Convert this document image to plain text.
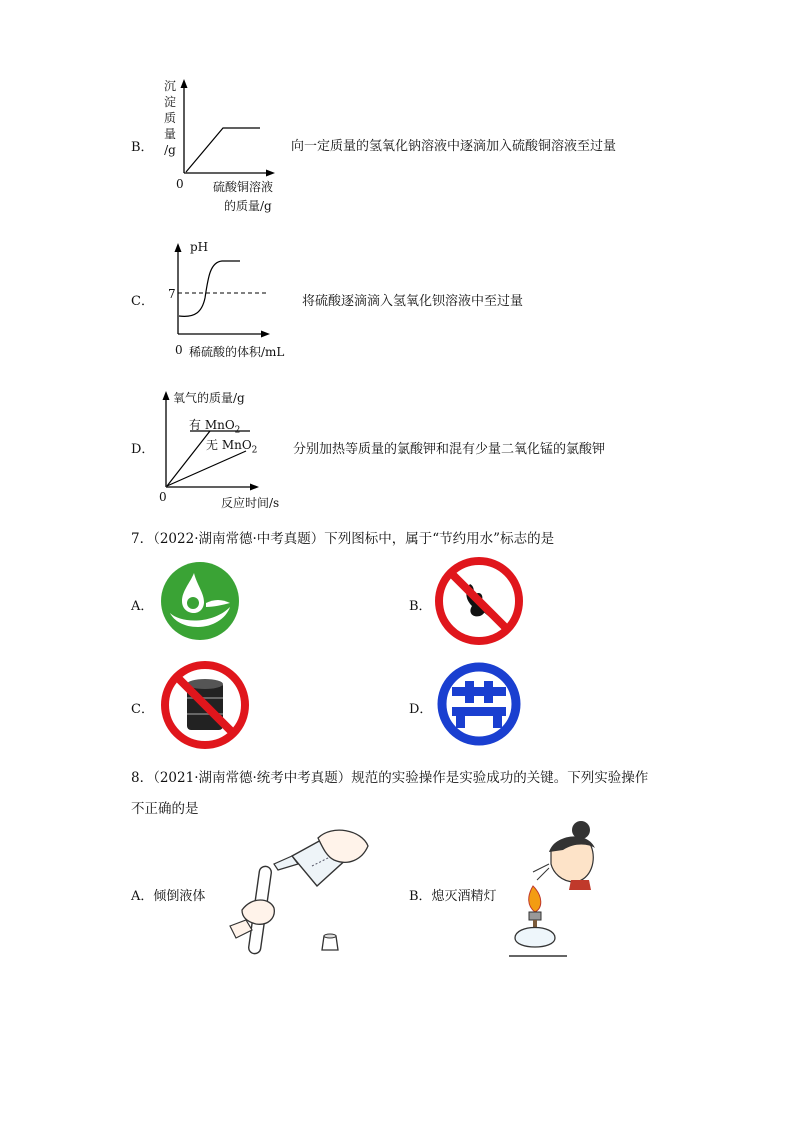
B．
沉
淀
质
量
/g
0 硫酸铜溶液
的质量/g
向一定质量的氢氧化钠溶液中逐滴加入硫酸铜溶液至过量
C．
pH
7
0 稀硫酸的体积/mL
将硫酸逐滴滴入氢氧化钡溶液中至过量
D．
氧气的质量/g
有 MnO$_2$
无 MnO$_2$
0	反应时间/s
分别加热等质量的氯酸钾和混有少量二氧化锰的氯酸钾
7．（2022·湖南常德·中考真题）下列图标中，属于“节约用水”标志的是
A．	B．
C．	D．
8．（2021·湖南常德·统考中考真题）规范的实验操作是实验成功的关键。下列实验操作
不正确的是
A．倾倒液体	B．熄灭酒精灯
